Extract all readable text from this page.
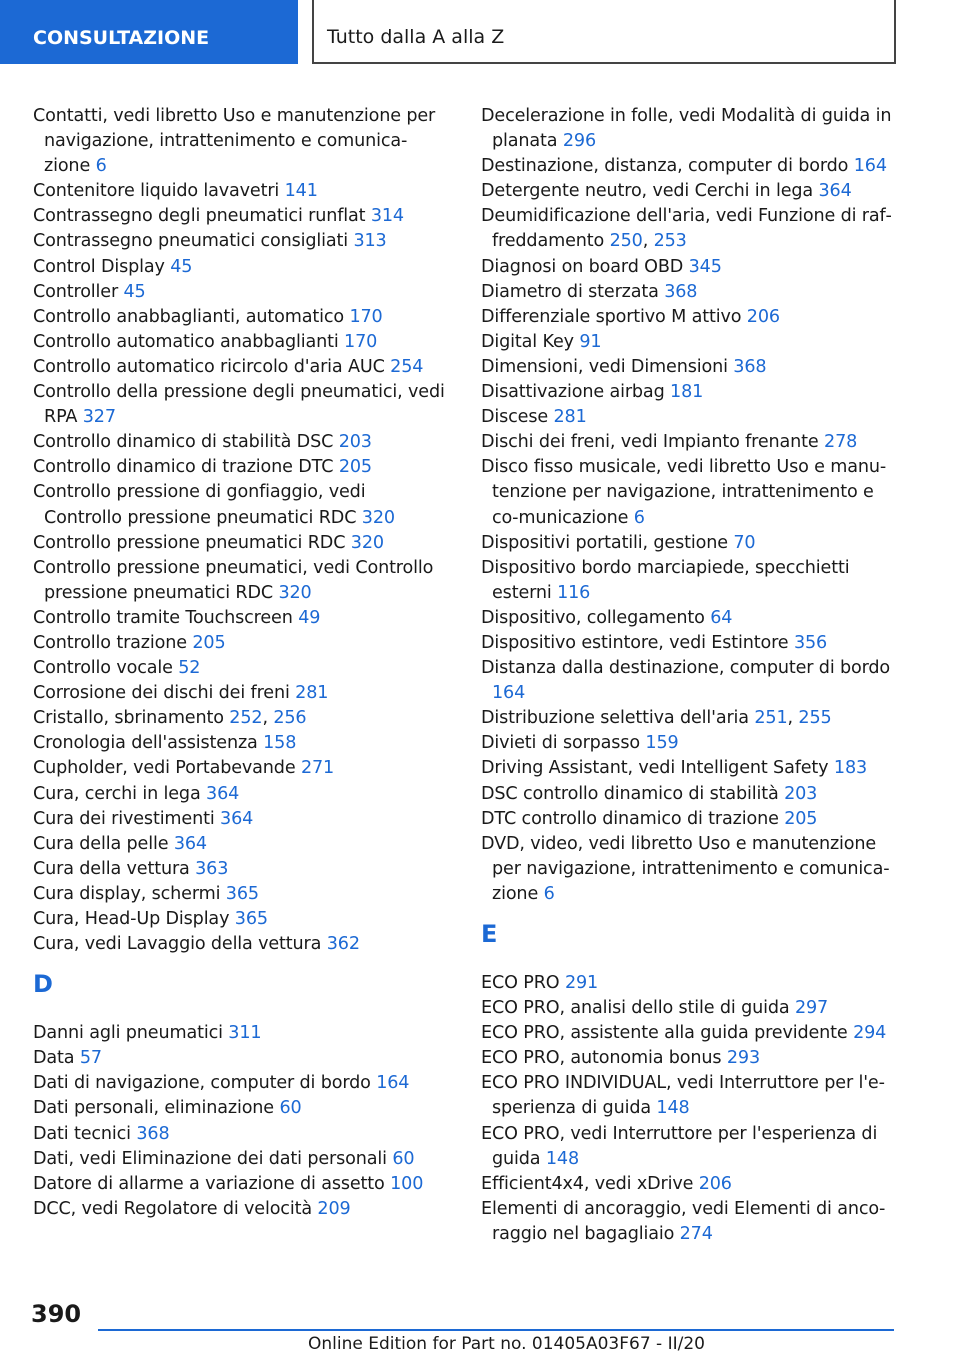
CONSULTAZIONE	Tutto dalla A alla Z
Contatti, vedi libretto Uso e manutenzione per navigazione, intrattenimento e comunica‐zione 6
Contenitore liquido lavavetri 141
Contrassegno degli pneumatici runflat 314
Contrassegno pneumatici consigliati 313
Control Display 45
Controller 45
Controllo anabbaglianti, automatico 170
Controllo automatico anabbaglianti 170
Controllo automatico ricircolo d'aria AUC 254
Controllo della pressione degli pneumatici, vedi RPA 327
Controllo dinamico di stabilità DSC 203
Controllo dinamico di trazione DTC 205
Controllo pressione di gonfiaggio, vedi Controllo pressione pneumatici RDC 320
Controllo pressione pneumatici RDC 320
Controllo pressione pneumatici, vedi Controllo pressione pneumatici RDC 320
Controllo tramite Touchscreen 49
Controllo trazione 205
Controllo vocale 52
Corrosione dei dischi dei freni 281
Cristallo, sbrinamento 252, 256
Cronologia dell'assistenza 158
Cupholder, vedi Portabevande 271
Cura, cerchi in lega 364
Cura dei rivestimenti 364
Cura della pelle 364
Cura della vettura 363
Cura display, schermi 365
Cura, Head-Up Display 365
Cura, vedi Lavaggio della vettura 362
D
Danni agli pneumatici 311
Data 57
Dati di navigazione, computer di bordo 164
Dati personali, eliminazione 60
Dati tecnici 368
Dati, vedi Eliminazione dei dati personali 60
Datore di allarme a variazione di assetto 100
DCC, vedi Regolatore di velocità 209
Decelerazione in folle, vedi Modalità di guida in planata 296
Destinazione, distanza, computer di bordo 164
Detergente neutro, vedi Cerchi in lega 364
Deumidificazione dell'aria, vedi Funzione di raf‐freddamento 250, 253
Diagnosi on board OBD 345
Diametro di sterzata 368
Differenziale sportivo M attivo 206
Digital Key 91
Dimensioni, vedi Dimensioni 368
Disattivazione airbag 181
Discese 281
Dischi dei freni, vedi Impianto frenante 278
Disco fisso musicale, vedi libretto Uso e manu‐tenzione per navigazione, intrattenimento e co‐municazione 6
Dispositivi portatili, gestione 70
Dispositivo bordo marciapiede, specchietti esterni 116
Dispositivo, collegamento 64
Dispositivo estintore, vedi Estintore 356
Distanza dalla destinazione, computer di bordo 164
Distribuzione selettiva dell'aria 251, 255
Divieti di sorpasso 159
Driving Assistant, vedi Intelligent Safety 183
DSC controllo dinamico di stabilità 203
DTC controllo dinamico di trazione 205
DVD, video, vedi libretto Uso e manutenzione per navigazione, intrattenimento e comunica‐zione 6
E
ECO PRO 291
ECO PRO, analisi dello stile di guida 297
ECO PRO, assistente alla guida previdente 294
ECO PRO, autonomia bonus 293
ECO PRO INDIVIDUAL, vedi Interruttore per l'e‐sperienza di guida 148
ECO PRO, vedi Interruttore per l'esperienza di guida 148
Efficient4x4, vedi xDrive 206
Elementi di ancoraggio, vedi Elementi di anco‐raggio nel bagagliaio 274
390
Online Edition for Part no. 01405A03F67 - II/20
